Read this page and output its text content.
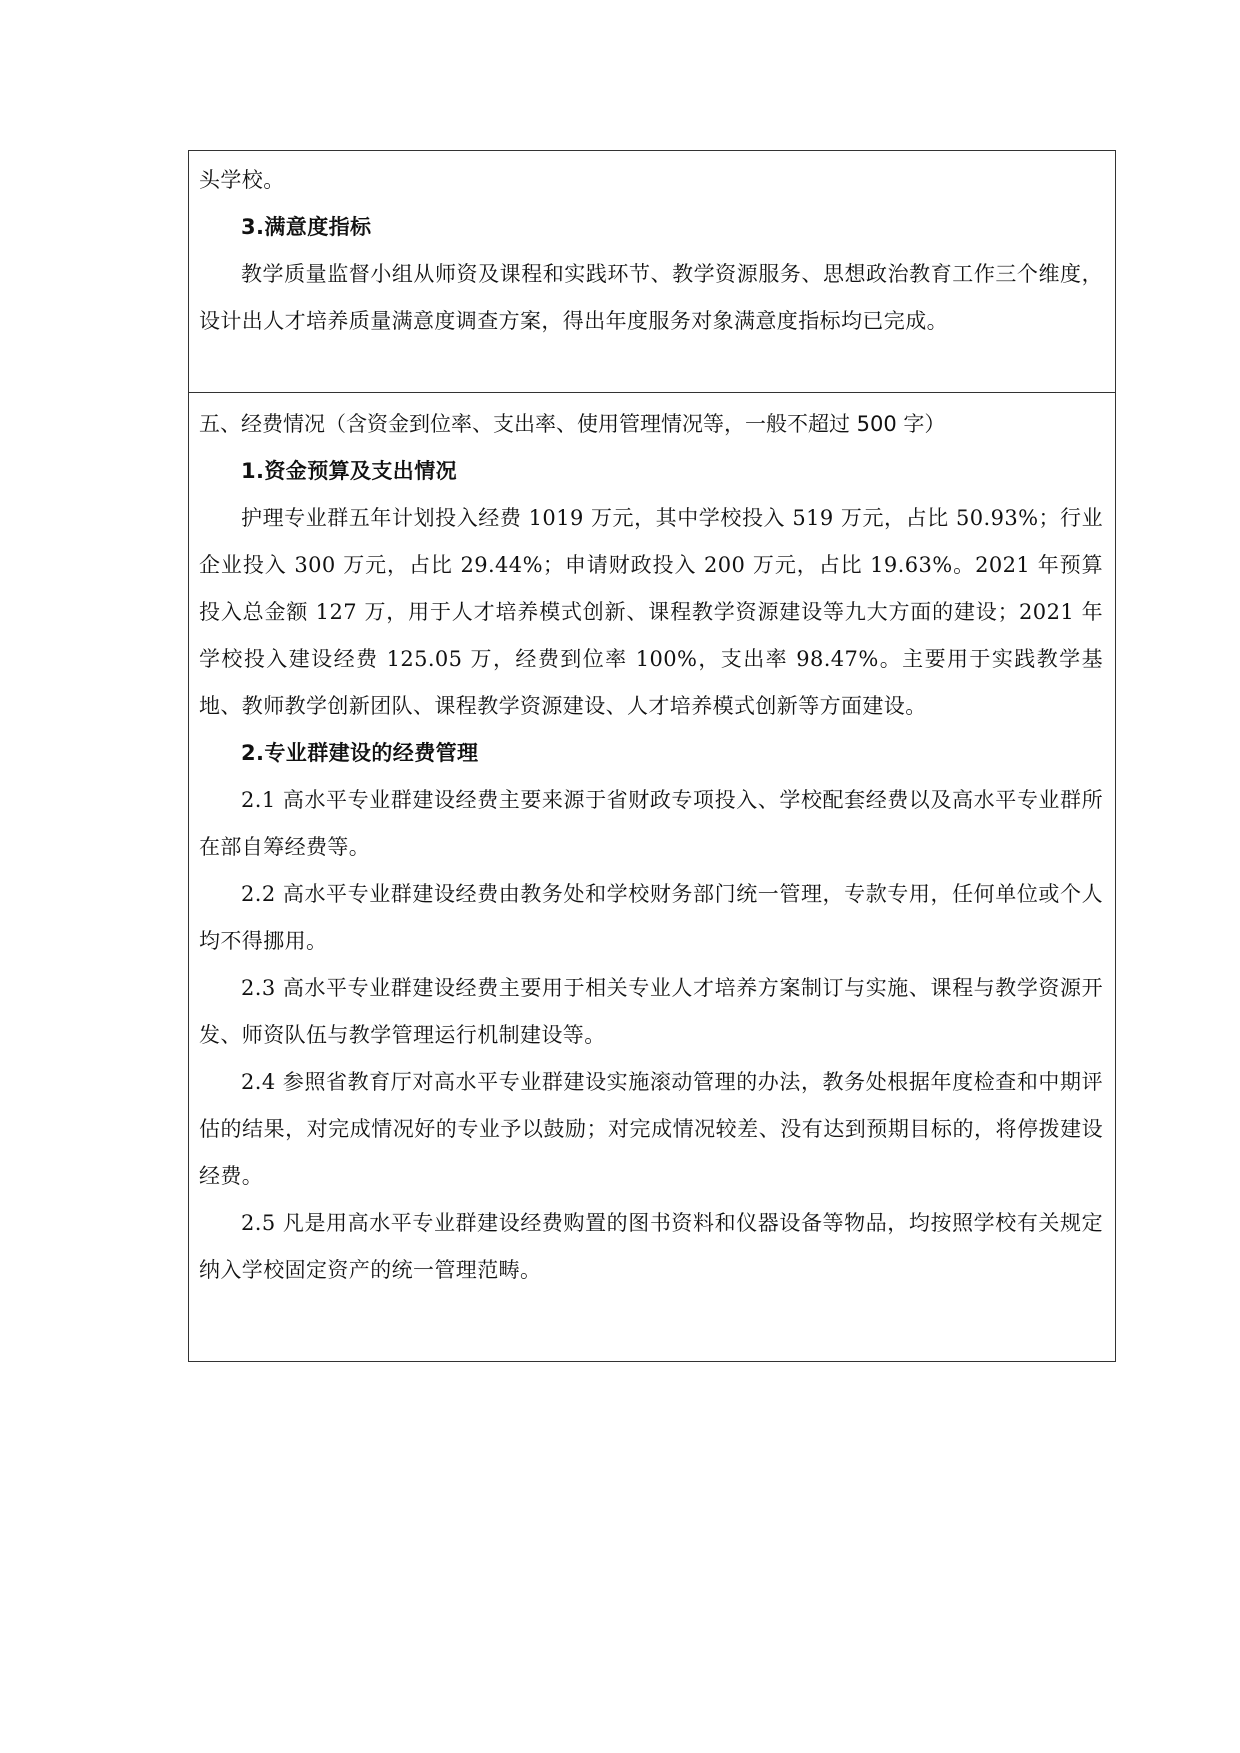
头学校。
3.满意度指标

教学质量监督小组从师资及课程和实践环节、教学资源服务、思想政治教育工作三个维度，设计出人才培养质量满意度调查方案，得出年度服务对象满意度指标均已完成。

五、经费情况（含资金到位率、支出率、使用管理情况等，一般不超过 500 字）
1.资金预算及支出情况

护理专业群五年计划投入经费 1019 万元，其中学校投入 519 万元，占比 50.93%；行业企业投入 300 万元，占比 29.44%；申请财政投入 200 万元，占比 19.63%。2021 年预算投入总金额 127 万，用于人才培养模式创新、课程教学资源建设等九大方面的建设；2021 年学校投入建设经费 125.05 万，经费到位率 100%，支出率 98.47%。主要用于实践教学基地、教师教学创新团队、课程教学资源建设、人才培养模式创新等方面建设。

2.专业群建设的经费管理

2.1 高水平专业群建设经费主要来源于省财政专项投入、学校配套经费以及高水平专业群所在部自筹经费等。

2.2 高水平专业群建设经费由教务处和学校财务部门统一管理，专款专用，任何单位或个人均不得挪用。

2.3 高水平专业群建设经费主要用于相关专业人才培养方案制订与实施、课程与教学资源开发、师资队伍与教学管理运行机制建设等。

2.4 参照省教育厅对高水平专业群建设实施滚动管理的办法，教务处根据年度检查和中期评估的结果，对完成情况好的专业予以鼓励；对完成情况较差、没有达到预期目标的，将停拨建设经费。

2.5 凡是用高水平专业群建设经费购置的图书资料和仪器设备等物品，均按照学校有关规定纳入学校固定资产的统一管理范畴。
